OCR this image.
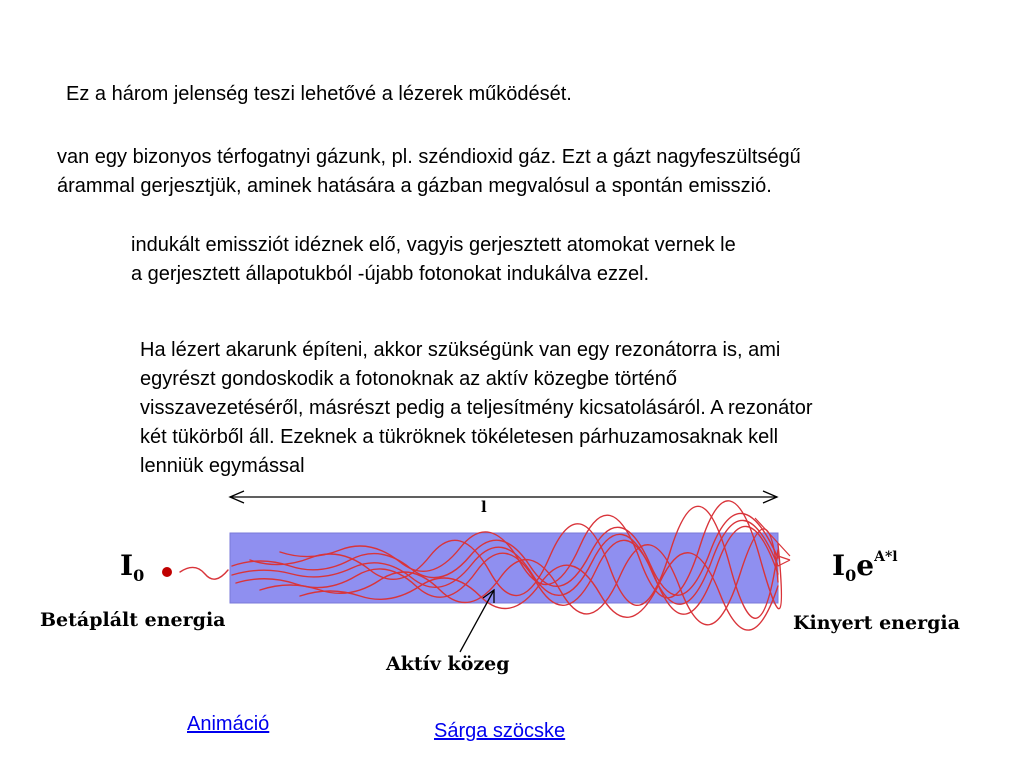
Ez a három jelenség teszi lehetővé a lézerek működését.

van egy bizonyos térfogatnyi gázunk, pl. széndioxid gáz. Ezt a gázt nagyfeszültségű
árammal gerjesztjük, aminek hatására a gázban megvalósul a spontán emisszió.

indukált emissziót idéznek elő, vagyis gerjesztett atomokat vernek le
a gerjesztett állapotukból -újabb fotonokat indukálva ezzel.

Ha lézert akarunk építeni, akkor szükségünk van egy rezonátorra is, ami
egyrészt gondoskodik a fotonoknak az aktív közegbe történő
visszavezetéséről, másrészt pedig a teljesítmény kicsatolásáról. A rezonátor
két tükörből áll. Ezeknek a tükröknek tökéletesen párhuzamosaknak kell
lenniük egymással

l

$I_0$	$I_0e^{A*l}$

Betáplált energia	Kinyert energia

Aktív közeg

Animáció	Sárga szöcske
